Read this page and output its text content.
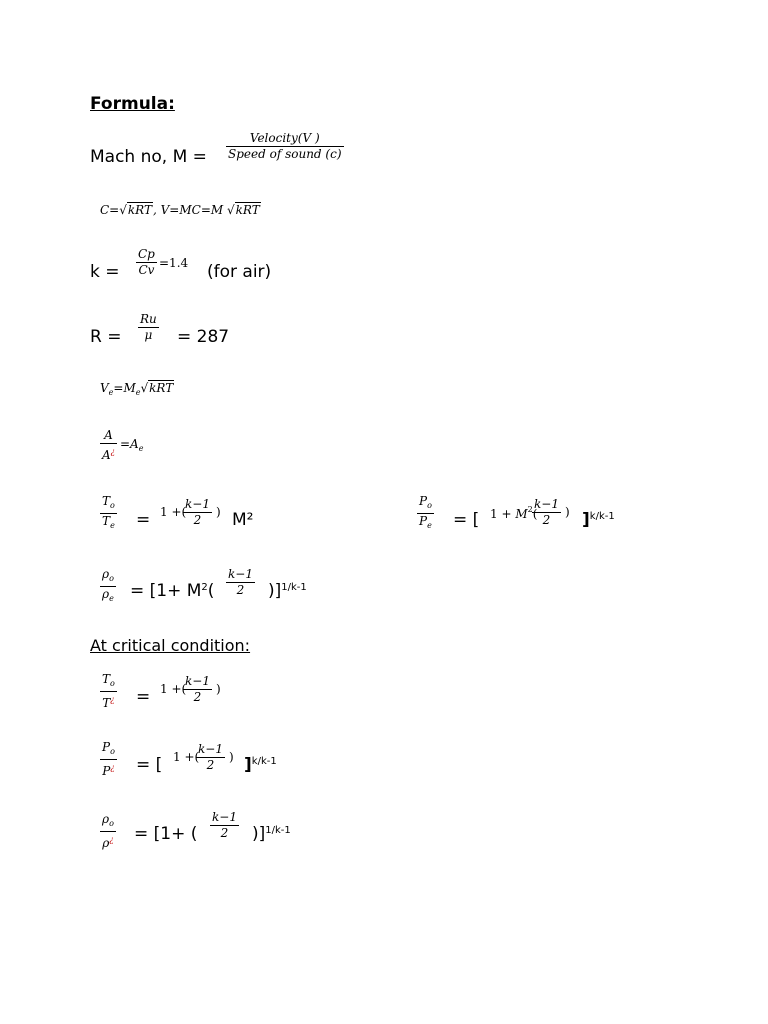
Formula:
Mach no, M =
Velocity(V )
Speed of sound (c)
C=√kRT, V=MC=M √kRT
$k = \frac{Cp}{Cv} =1.4$ (for air)
$R = \frac{Ru}{\mu} = 287$
$V_e=M_e√kRT$
$\frac{A}{A^¿} =A_e$
$\frac{T_o}{T_e} = 1$ +(
$\frac{k-1}{2}$ ) M²	$\frac{P_o}{P_e}$ = [ $1 + M^2$(
$\frac{k-1}{2}$ ) ]$^{k/k-1}$
$\frac{\rho_o}{\rho_e} = [1+ M^2( \frac{k-1}{2} )]^{1/k-1}$
At critical condition:
$\frac{T_o}{T^¿} = 1$ +(
$\frac{k-1}{2}$ )
$\frac{P_o}{P^¿}$ = [ 1 +(
$\frac{k-1}{2}$ ) ]$^{k/k-1}$
$\frac{\rho_o}{\rho^¿} = [1+$ ( $\frac{k-1}{2} )]^{1/k-1}$
